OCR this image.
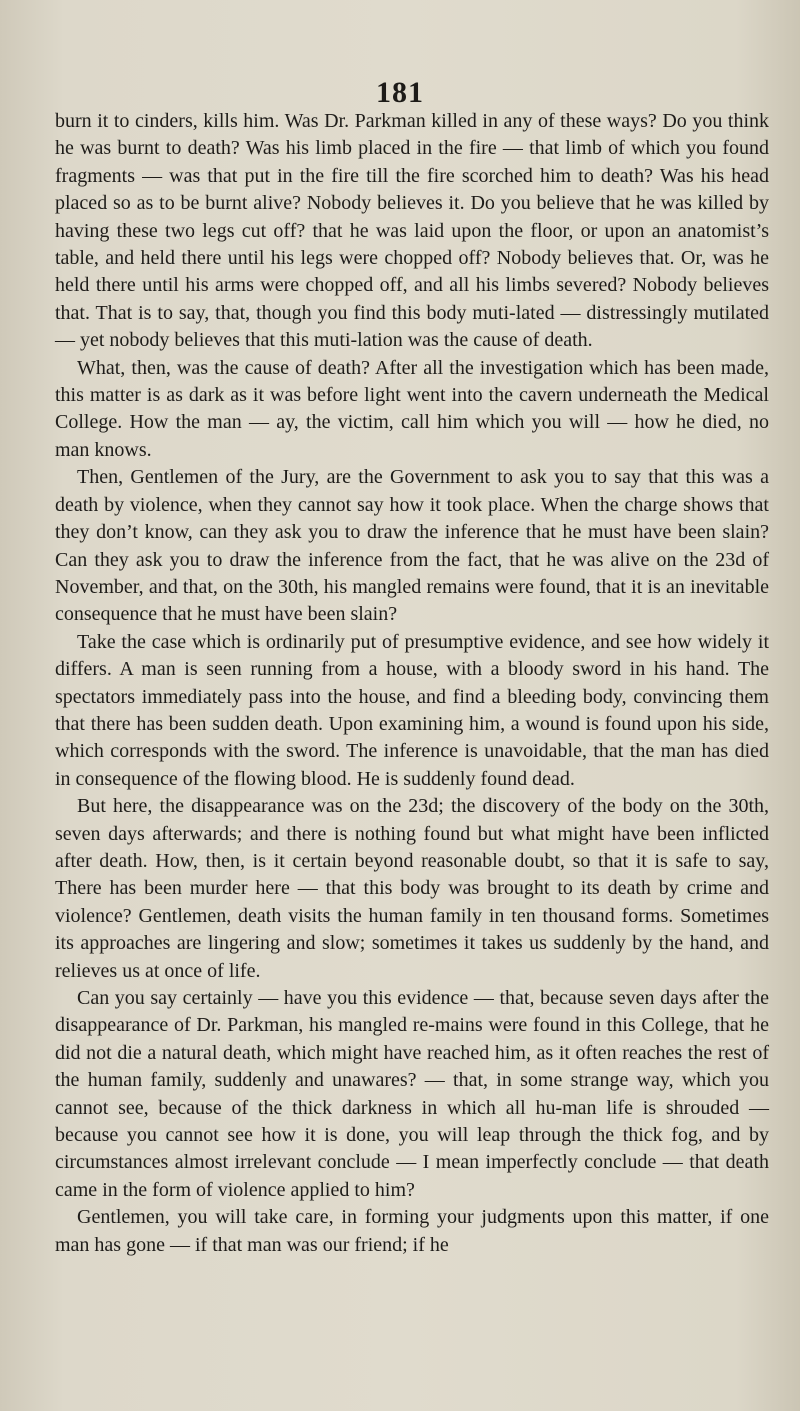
181

burn it to cinders, kills him. Was Dr. Parkman killed in any of these ways? Do you think he was burnt to death? Was his limb placed in the fire — that limb of which you found fragments — was that put in the fire till the fire scorched him to death? Was his head placed so as to be burnt alive? Nobody believes it. Do you believe that he was killed by having these two legs cut off? that he was laid upon the floor, or upon an anatomist’s table, and held there until his legs were chopped off? Nobody believes that. Or, was he held there until his arms were chopped off, and all his limbs severed? Nobody believes that. That is to say, that, though you find this body muti-lated — distressingly mutilated — yet nobody believes that this muti-lation was the cause of death.

What, then, was the cause of death? After all the investigation which has been made, this matter is as dark as it was before light went into the cavern underneath the Medical College. How the man — ay, the victim, call him which you will — how he died, no man knows.

Then, Gentlemen of the Jury, are the Government to ask you to say that this was a death by violence, when they cannot say how it took place. When the charge shows that they don’t know, can they ask you to draw the inference that he must have been slain? Can they ask you to draw the inference from the fact, that he was alive on the 23d of November, and that, on the 30th, his mangled remains were found, that it is an inevitable consequence that he must have been slain?

Take the case which is ordinarily put of presumptive evidence, and see how widely it differs. A man is seen running from a house, with a bloody sword in his hand. The spectators immediately pass into the house, and find a bleeding body, convincing them that there has been sudden death. Upon examining him, a wound is found upon his side, which corresponds with the sword. The inference is unavoidable, that the man has died in consequence of the flowing blood. He is suddenly found dead.

But here, the disappearance was on the 23d; the discovery of the body on the 30th, seven days afterwards; and there is nothing found but what might have been inflicted after death. How, then, is it certain beyond reasonable doubt, so that it is safe to say, There has been murder here — that this body was brought to its death by crime and violence? Gentlemen, death visits the human family in ten thousand forms. Sometimes its approaches are lingering and slow; sometimes it takes us suddenly by the hand, and relieves us at once of life.

Can you say certainly — have you this evidence — that, because seven days after the disappearance of Dr. Parkman, his mangled re-mains were found in this College, that he did not die a natural death, which might have reached him, as it often reaches the rest of the human family, suddenly and unawares? — that, in some strange way, which you cannot see, because of the thick darkness in which all hu-man life is shrouded — because you cannot see how it is done, you will leap through the thick fog, and by circumstances almost irrelevant conclude — I mean imperfectly conclude — that death came in the form of violence applied to him?

Gentlemen, you will take care, in forming your judgments upon this matter, if one man has gone — if that man was our friend; if he
